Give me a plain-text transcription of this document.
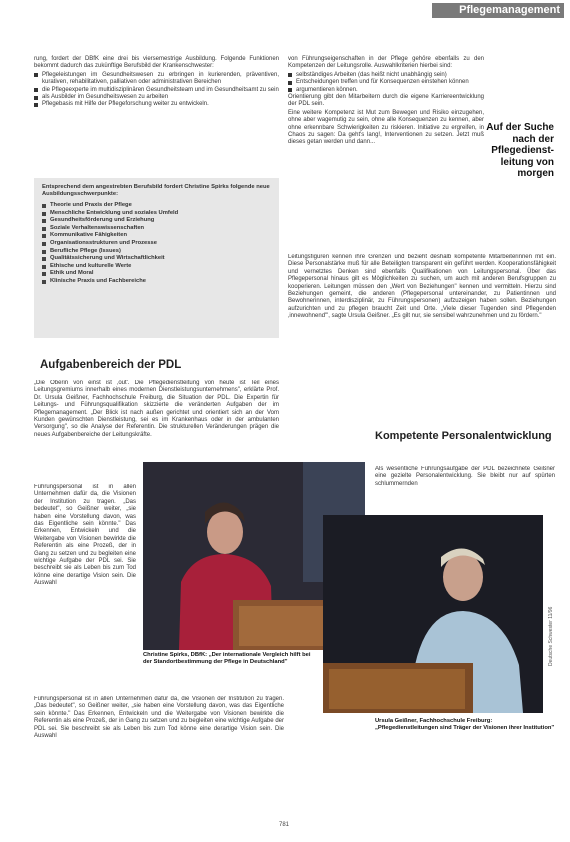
Pflegemanagement

rung, fordert der DBfK eine drei bis viersemestrige Ausbildung. Folgende Funktionen bekommt dadurch das zukünftige Berufsbild der Krankenschwester:

Pflegeleistungen im Gesundheitswesen zu erbringen in kurierenden, präventiven, kurativen, rehabilitativen, palliativen oder administrativen Bereichen
die Pflegeexperte im multidisziplinären Gesundheitsteam und im Gesundheitsamt zu sein
als Ausbilder im Gesundheitswesen zu arbeiten
Pflegebasis mit Hilfe der Pflegeforschung weiter zu entwickeln.
Entsprechend dem angestrebten Berufsbild fordert Christine Spirks folgende neue Ausbildungsschwerpunkte:
Theorie und Praxis der Pflege
Menschliche Entwicklung und soziales Umfeld
Gesundheitsförderung und Erziehung
Soziale Verhaltenswissenschaften
Kommunikative Fähigkeiten
Organisationsstrukturen und Prozesse
Berufliche Pflege (Issues)
Qualitätssicherung und Wirtschaftlichkeit
Ethische und kulturelle Werte
Ethik und Moral
Klinische Praxis und Fachbereiche
Aufgabenbereich der PDL
„Die Oberin von einst ist ‚out'. Die Pflegedienstleitung von heute ist Teil eines Leitungsgremiums innerhalb eines modernen Dienstleistungsunternehmens", erklärte Prof. Dr. Ursula Geißner, Fachhochschule Freiburg, die Situation der PDL. Die Expertin für Leitungs- und Führungsqualifikation skizzierte die veränderten Aufgaben der im Pflegemanagement. „Der Blick ist nach außen gerichtet und orientiert sich an der Vom Kunden gewünschten Dienstleistung, sei es im Krankenhaus oder in der ambulanten Versorgung", so die Analyse der Referentin. Die strukturellen Veränderungen prägen die neues Aufgabenbereiche der Leitungskräfte.
Führungspersonal ist in allen Unternehmen dafür da, die Visionen der Institution zu tragen. „Das bedeutet", so Geißner weiter, „sie haben eine Vorstellung davon, was das Eigentliche sein könnte." Das Erkennen, Entwickeln und die Weitergabe von Visionen bewirkte die Referentin als eine Prozeß, der in Gang zu setzen und zu begleiten eine wichtige Aufgabe der PDL sei. Sie beschreibt sie als Leben bis zum Tod könne eine derartige Vision sein. Die Auswahl
Führungspersonal ist in allen Unternehmen dafür da, die Visionen der Institution zu tragen. „Das bedeutet", so Geißner weiter, „sie haben eine Vorstellung davon, was das Eigentliche sein könnte." Das Erkennen, Entwickeln und die Weitergabe von Visionen bewirkte die Referentin als eine Prozeß, der in Gang zu setzen und zu begleiten eine wichtige Aufgabe der PDL sei. Sie beschreibt sie als Leben bis zum Tod könne eine derartige Vision sein. Die Auswahl

von Führungseigenschaften in der Pflege gehöre ebenfalls zu den Kompetenzen der Leitungsrolle. Auswahlkriterien hierbei sind:

selbständiges Arbeiten (das heißt nicht unabhängig sein)
Entscheidungen treffen und für Konsequenzen einstehen können
argumentieren können.

Orientierung gibt den Mitarbeitern durch die eigene Karriereentwicklung der PDL sein.

Eine weitere Kompetenz ist Mut zum Bewegen und Risiko einzugehen, ohne aber wagemutig zu sein, ohne alle Konsequenzen zu kennen, aber ohne erkennbare Schwierigkeiten zu riskieren. Initiative zu ergreifen, in Chaos zu sagen: Da geht's lang!, Interventionen zu setzen. Jetzt muß dieses getan werden und dann...

Leitungsfiguren kennen ihre Grenzen und bezieht deshalb kompetente Mitarbeiterinnen mit ein. Diese Personalstärke muß für alle Beteiligten transparent ein geführt werden. Kooperationsfähigkeit und vernetztes Denken sind ebenfalls Qualifikationen von Leitungspersonal. Über das Pflegepersonal hinaus gilt es Möglichkeiten zu suchen, um auch mit anderen Berufsgruppen zu kooperieren. Leitungen müssen den „Wert von Beziehungen" kennen und vermitteln. Hierzu sind Beziehungen gemeint, die anderen (Pflegepersonal untereinander, zu Patientinnen und Bewohnerinnen, interdisziplinär, zu Führungspersonen) aufzuzeigen haben sollen. Beziehungen aufzurichten und zu pflegen braucht Zeit und Orte. „Viele dieser Tugenden sind Pflegenden ‚innewohnend'", sagte Ursula Geißner. „Es gilt nur, sie sensibel wahrzunehmen und zu fördern."
Auf der Suche nach der Pflegedienst-leitung von morgen
Kompetente Personalentwicklung
Als wesentliche Führungsaufgabe der PDL bezeichnete Geißner eine gezielte Personalentwicklung. Sie bleibt nur auf spürten schlummernden
Christine Spirks, DBfK: „Der internationale Vergleich hilft bei der Standortbestimmung der Pflege in Deutschland"
Ursula Geißner, Fachhochschule Freiburg: „Pflegedienstleitungen sind Träger der Visionen ihrer Institution"
781
Deutsche Schwester 11/96
